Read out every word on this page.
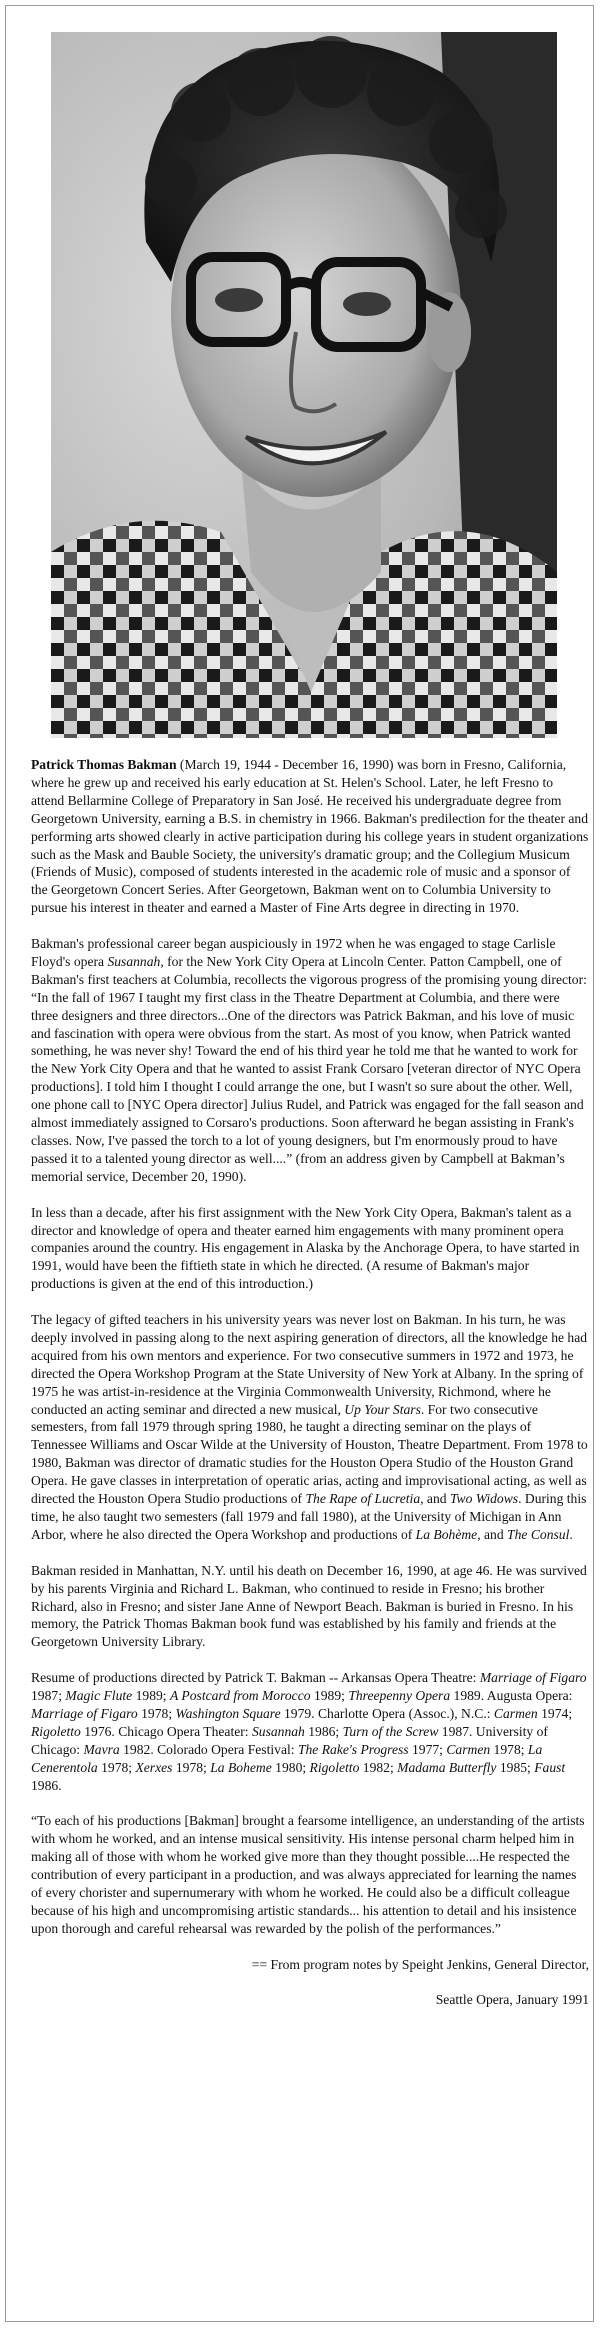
Patrick Thomas Bakman (March 19, 1944 - December 16, 1990) was born in Fresno, California, where he grew up and received his early education at St. Helen's School. Later, he left Fresno to attend Bellarmine College of Preparatory in San José. He received his undergraduate degree from Georgetown University, earning a B.S. in chemistry in 1966. Bakman's predilection for the theater and performing arts showed clearly in active participation during his college years in student organizations such as the Mask and Bauble Society, the university's dramatic group; and the Collegium Musicum (Friends of Music), composed of students interested in the academic role of music and a sponsor of the Georgetown Concert Series. After Georgetown, Bakman went on to Columbia University to pursue his interest in theater and earned a Master of Fine Arts degree in directing in 1970.

Bakman's professional career began auspiciously in 1972 when he was engaged to stage Carlisle Floyd's opera Susannah, for the New York City Opera at Lincoln Center. Patton Campbell, one of Bakman's first teachers at Columbia, recollects the vigorous progress of the promising young director: “In the fall of 1967 I taught my first class in the Theatre Department at Columbia, and there were three designers and three directors...One of the directors was Patrick Bakman, and his love of music and fascination with opera were obvious from the start. As most of you know, when Patrick wanted something, he was never shy! Toward the end of his third year he told me that he wanted to work for the New York City Opera and that he wanted to assist Frank Corsaro [veteran director of NYC Opera productions]. I told him I thought I could arrange the one, but I wasn't so sure about the other. Well, one phone call to [NYC Opera director] Julius Rudel, and Patrick was engaged for the fall season and almost immediately assigned to Corsaro's productions. Soon afterward he began assisting in Frank's classes. Now, I've passed the torch to a lot of young designers, but I'm enormously proud to have passed it to a talented young director as well....” (from an address given by Campbell at Bakman’s memorial service, December 20, 1990).

In less than a decade, after his first assignment with the New York City Opera, Bakman's talent as a director and knowledge of opera and theater earned him engagements with many prominent opera companies around the country. His engagement in Alaska by the Anchorage Opera, to have started in 1991, would have been the fiftieth state in which he directed. (A resume of Bakman's major productions is given at the end of this introduction.)

The legacy of gifted teachers in his university years was never lost on Bakman. In his turn, he was deeply involved in passing along to the next aspiring generation of directors, all the knowledge he had acquired from his own mentors and experience. For two consecutive summers in 1972 and 1973, he directed the Opera Workshop Program at the State University of New York at Albany. In the spring of 1975 he was artist-in-residence at the Virginia Commonwealth University, Richmond, where he conducted an acting seminar and directed a new musical, Up Your Stars. For two consecutive semesters, from fall 1979 through spring 1980, he taught a directing seminar on the plays of Tennessee Williams and Oscar Wilde at the University of Houston, Theatre Department. From 1978 to 1980, Bakman was director of dramatic studies for the Houston Opera Studio of the Houston Grand Opera. He gave classes in interpretation of operatic arias, acting and improvisational acting, as well as directed the Houston Opera Studio productions of The Rape of Lucretia, and Two Widows. During this time, he also taught two semesters (fall 1979 and fall 1980), at the University of Michigan in Ann Arbor, where he also directed the Opera Workshop and productions of La Bohème, and The Consul.

Bakman resided in Manhattan, N.Y. until his death on December 16, 1990, at age 46. He was survived by his parents Virginia and Richard L. Bakman, who continued to reside in Fresno; his brother Richard, also in Fresno; and sister Jane Anne of Newport Beach. Bakman is buried in Fresno. In his memory, the Patrick Thomas Bakman book fund was established by his family and friends at the Georgetown University Library.

Resume of productions directed by Patrick T. Bakman -- Arkansas Opera Theatre: Marriage of Figaro 1987; Magic Flute 1989; A Postcard from Morocco 1989; Threepenny Opera 1989. Augusta Opera: Marriage of Figaro 1978; Washington Square 1979. Charlotte Opera (Assoc.), N.C.: Carmen 1974; Rigoletto 1976. Chicago Opera Theater: Susannah 1986; Turn of the Screw 1987. University of Chicago: Mavra 1982. Colorado Opera Festival: The Rake's Progress 1977; Carmen 1978; La Cenerentola 1978; Xerxes 1978; La Boheme 1980; Rigoletto 1982; Madama Butterfly 1985; Faust 1986.

“To each of his productions [Bakman] brought a fearsome intelligence, an understanding of the artists with whom he worked, and an intense musical sensitivity. His intense personal charm helped him in making all of those with whom he worked give more than they thought possible....He respected the contribution of every participant in a production, and was always appreciated for learning the names of every chorister and supernumerary with whom he worked. He could also be a difficult colleague because of his high and uncompromising artistic standards... his attention to detail and his insistence upon thorough and careful rehearsal was rewarded by the polish of the performances.”

== From program notes by Speight Jenkins, General Director,

Seattle Opera, January 1991
